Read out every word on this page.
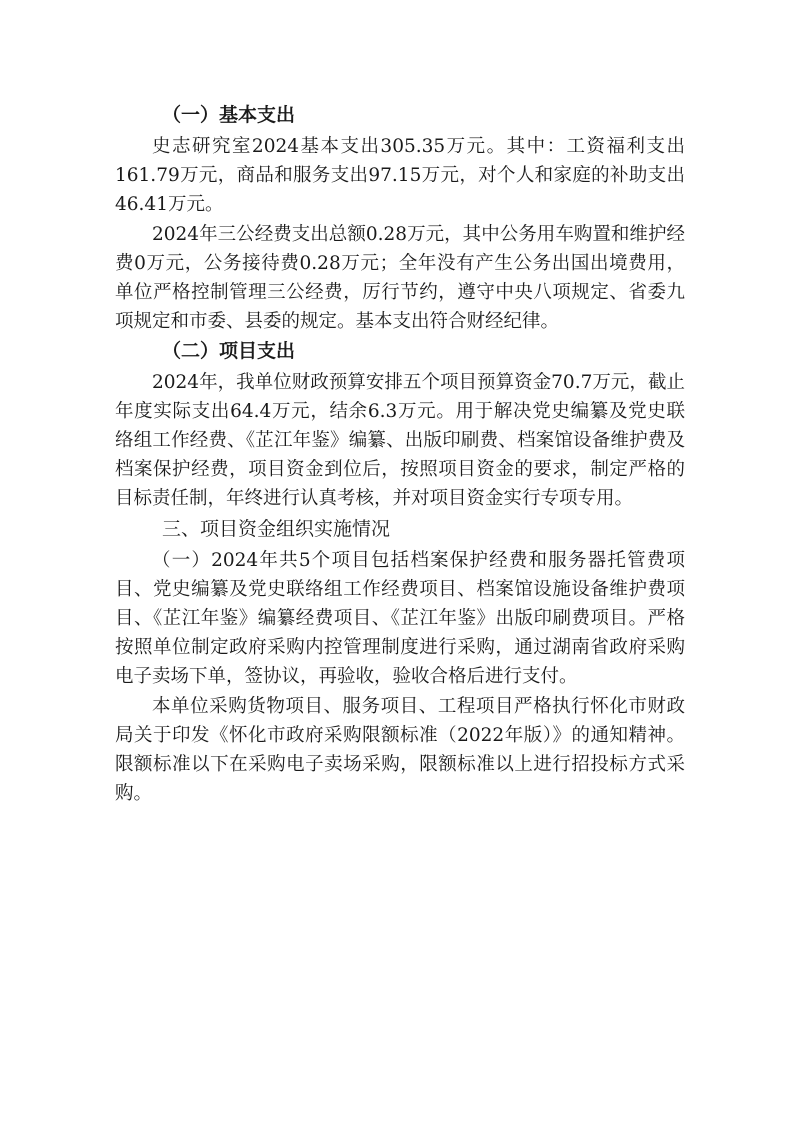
（一）基本支出

史志研究室2024基本支出305.35万元。其中：工资福利支出161.79万元，商品和服务支出97.15万元，对个人和家庭的补助支出46.41万元。

2024年三公经费支出总额0.28万元，其中公务用车购置和维护经费0万元，公务接待费0.28万元；全年没有产生公务出国出境费用，单位严格控制管理三公经费，厉行节约，遵守中央八项规定、省委九项规定和市委、县委的规定。基本支出符合财经纪律。

（二）项目支出

2024年，我单位财政预算安排五个项目预算资金70.7万元，截止年度实际支出64.4万元，结余6.3万元。用于解决党史编纂及党史联络组工作经费、《芷江年鉴》编纂、出版印刷费、档案馆设备维护费及档案保护经费，项目资金到位后，按照项目资金的要求，制定严格的目标责任制，年终进行认真考核，并对项目资金实行专项专用。

三、项目资金组织实施情况

（一）2024年共5个项目包括档案保护经费和服务器托管费项目、党史编纂及党史联络组工作经费项目、档案馆设施设备维护费项目、《芷江年鉴》编纂经费项目、《芷江年鉴》出版印刷费项目。严格按照单位制定政府采购内控管理制度进行采购，通过湖南省政府采购电子卖场下单，签协议，再验收，验收合格后进行支付。

本单位采购货物项目、服务项目、工程项目严格执行怀化市财政局关于印发《怀化市政府采购限额标准（2022年版）》的通知精神。限额标准以下在采购电子卖场采购，限额标准以上进行招投标方式采购。
